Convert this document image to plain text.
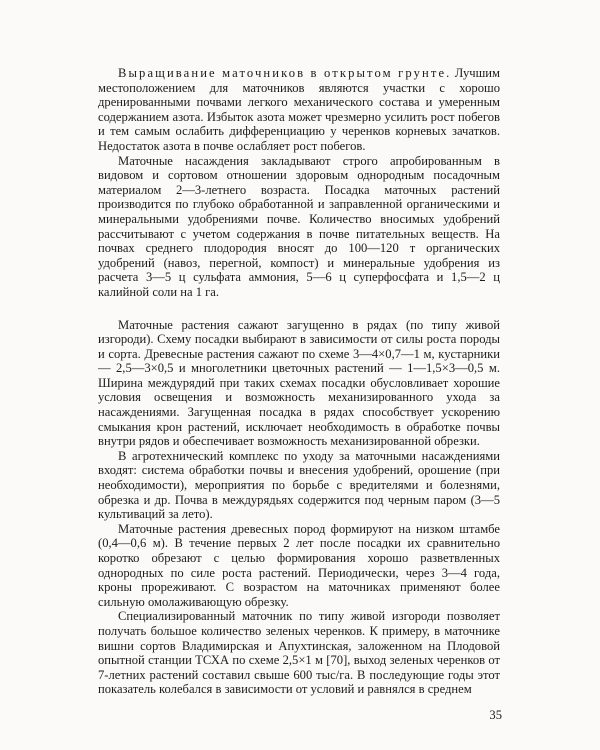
Выращивание маточников в открытом грунте. Лучшим местоположением для маточников являются участки с хорошо дренированными почвами легкого механического состава и умеренным содержанием азота. Избыток азота может чрезмерно усилить рост побегов и тем самым ослабить дифференциацию у черенков корневых зачатков. Недостаток азота в почве ослабляет рост побегов.

Маточные насаждения закладывают строго апробированным в видовом и сортовом отношении здоровым однородным посадочным материалом 2—3-летнего возраста. Посадка маточных растений производится по глубоко обработанной и заправленной органическими и минеральными удобрениями почве. Количество вносимых удобрений рассчитывают с учетом содержания в почве питательных веществ. На почвах среднего плодородия вносят до 100—120 т органических удобрений (навоз, перегной, компост) и минеральные удобрения из расчета 3—5 ц сульфата аммония, 5—6 ц суперфосфата и 1,5—2 ц калийной соли на 1 га.

Маточные растения сажают загущенно в рядах (по типу живой изгороди). Схему посадки выбирают в зависимости от силы роста породы и сорта. Древесные растения сажают по схеме 3—4×0,7—1 м, кустарники — 2,5—3×0,5 и многолетники цветочных растений — 1—1,5×3—0,5 м. Ширина междурядий при таких схемах посадки обусловливает хорошие условия освещения и возможность механизированного ухода за насаждениями. Загущенная посадка в рядах способствует ускорению смыкания крон растений, исключает необходимость в обработке почвы внутри рядов и обеспечивает возможность механизированной обрезки.

В агротехнический комплекс по уходу за маточными насаждениями входят: система обработки почвы и внесения удобрений, орошение (при необходимости), мероприятия по борьбе с вредителями и болезнями, обрезка и др. Почва в междурядьях содержится под черным паром (3—5 культиваций за лето).

Маточные растения древесных пород формируют на низком штамбе (0,4—0,6 м). В течение первых 2 лет после посадки их сравнительно коротко обрезают с целью формирования хорошо разветвленных однородных по силе роста растений. Периодически, через 3—4 года, кроны прореживают. С возрастом на маточниках применяют более сильную омолаживающую обрезку.

Специализированный маточник по типу живой изгороди позволяет получать большое количество зеленых черенков. К примеру, в маточнике вишни сортов Владимирская и Апухтинская, заложенном на Плодовой опытной станции ТСХА по схеме 2,5×1 м [70], выход зеленых черенков от 7-летних растений составил свыше 600 тыс/га. В последующие годы этот показатель колебался в зависимости от условий и равнялся в среднем

35
